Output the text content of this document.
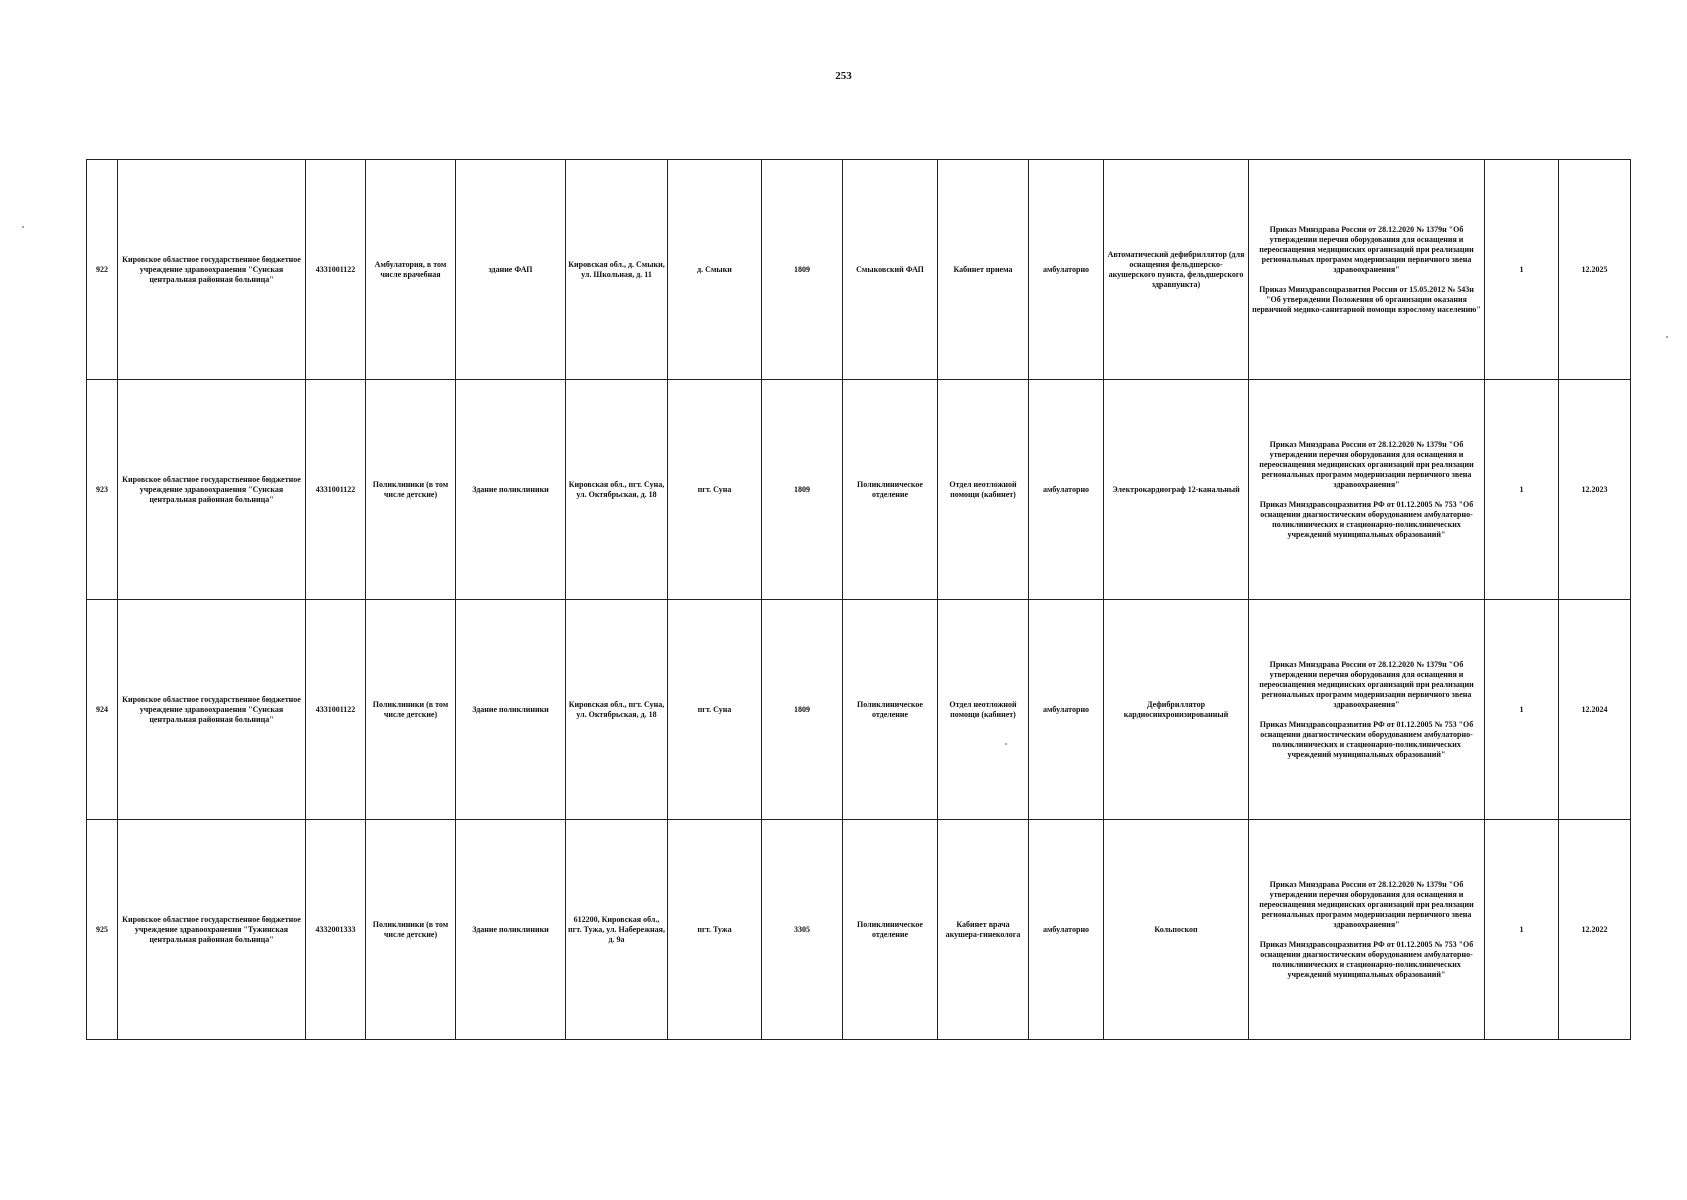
253
922	Кировское областное государственное бюджетное учреждение здравоохранения "Сунская центральная районная больница"	4331001122	Амбулатория, в том числе врачебная	здание ФАП	Кировская обл., д. Смыки, ул. Школьная, д. 11	д. Смыки	1809	Смыковский ФАП	Кабинет приема	амбулаторно	Автоматический дефибриллятор (для оснащения фельдшерско-акушерского пункта, фельдшерского здравпункта)	Приказ Минздрава России от 28.12.2020 № 1379н "Об утверждении перечня оборудования для оснащения и переоснащения медицинских организаций при реализации региональных программ модернизации первичного звена здравоохранения"
Приказ Минздравсоцразвития России от 15.05.2012 № 543н "Об утверждении Положения об организации оказания первичной медико-санитарной помощи взрослому населению"	1	12.2025
923	Кировское областное государственное бюджетное учреждение здравоохранения "Сунская центральная районная больница"	4331001122	Поликлиники (в том числе детские)	Здание поликлиники	Кировская обл., пгт. Суна, ул. Октябрьская, д. 18	пгт. Суна	1809	Поликлиническое отделение	Отдел неотложной помощи (кабинет)	амбулаторно	Электрокардиограф 12-канальный	Приказ Минздрава России от 28.12.2020 № 1379н "Об утверждении перечня оборудования для оснащения и переоснащения медицинских организаций при реализации региональных программ модернизации первичного звена здравоохранения"
Приказ Минздравсоцразвития РФ от 01.12.2005 № 753 "Об оснащении диагностическим оборудованием амбулаторно-поликлинических и стационарно-поликлинических учреждений муниципальных образований"	1	12.2023
924	Кировское областное государственное бюджетное учреждение здравоохранения "Сунская центральная районная больница"	4331001122	Поликлиники (в том числе детские)	Здание поликлиники	Кировская обл., пгт. Суна, ул. Октябрьская, д. 18	пгт. Суна	1809	Поликлиническое отделение	Отдел неотложной помощи (кабинет)	амбулаторно	Дефибриллятор кардиосинхронизированный	Приказ Минздрава России от 28.12.2020 № 1379н "Об утверждении перечня оборудования для оснащения и переоснащения медицинских организаций при реализации региональных программ модернизации первичного звена здравоохранения"
Приказ Минздравсоцразвития РФ от 01.12.2005 № 753 "Об оснащении диагностическим оборудованием амбулаторно-поликлинических и стационарно-поликлинических учреждений муниципальных образований"	1	12.2024
925	Кировское областное государственное бюджетное учреждение здравоохранения "Тужинская центральная районная больница"	4332001333	Поликлиники (в том числе детские)	Здание поликлиники	612200, Кировская обл., пгт. Тужа, ул. Набережная, д. 9а	пгт. Тужа	3305	Поликлиническое отделение	Кабинет врача акушера-гинеколога	амбулаторно	Кольпоскоп	Приказ Минздрава России от 28.12.2020 № 1379н "Об утверждении перечня оборудования для оснащения и переоснащения медицинских организаций при реализации региональных программ модернизации первичного звена здравоохранения"
Приказ Минздравсоцразвития РФ от 01.12.2005 № 753 "Об оснащении диагностическим оборудованием амбулаторно-поликлинических и стационарно-поликлинических учреждений муниципальных образований"	1	12.2022
